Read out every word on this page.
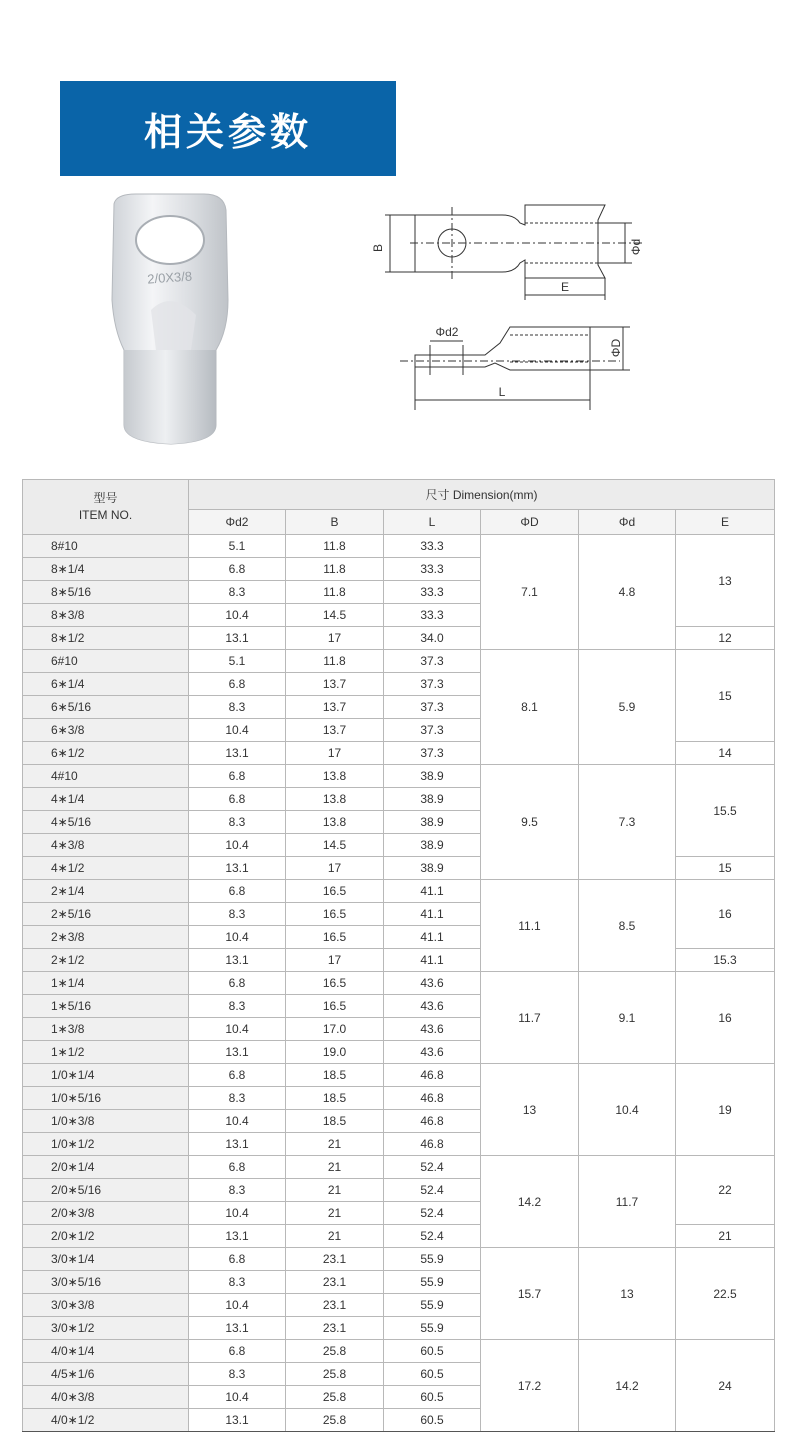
相关参数
2/0X3/8
B	Φd
E
Φd2
ΦD
L
型号
ITEM NO.	尺寸 Dimension(mm)					
	Φd2	B	L	ΦD	Φd	E
8#10	5.1	11.8	33.3	7.1	4.8	13
8∗1/4	6.8	11.8	33.3			
8∗5/16	8.3	11.8	33.3			
8∗3/8	10.4	14.5	33.3			
8∗1/2	13.1	17	34.0			12
6#10	5.1	11.8	37.3	8.1	5.9	15
6∗1/4	6.8	13.7	37.3			
6∗5/16	8.3	13.7	37.3			
6∗3/8	10.4	13.7	37.3			
6∗1/2	13.1	17	37.3			14
4#10	6.8	13.8	38.9	9.5	7.3	15.5
4∗1/4	6.8	13.8	38.9			
4∗5/16	8.3	13.8	38.9			
4∗3/8	10.4	14.5	38.9			
4∗1/2	13.1	17	38.9			15
2∗1/4	6.8	16.5	41.1	11.1	8.5	16
2∗5/16	8.3	16.5	41.1			
2∗3/8	10.4	16.5	41.1			
2∗1/2	13.1	17	41.1			15.3
1∗1/4	6.8	16.5	43.6	11.7	9.1	16
1∗5/16	8.3	16.5	43.6			
1∗3/8	10.4	17.0	43.6			
1∗1/2	13.1	19.0	43.6			
1/0∗1/4	6.8	18.5	46.8	13	10.4	19
1/0∗5/16	8.3	18.5	46.8			
1/0∗3/8	10.4	18.5	46.8			
1/0∗1/2	13.1	21	46.8			
2/0∗1/4	6.8	21	52.4	14.2	11.7	22
2/0∗5/16	8.3	21	52.4			
2/0∗3/8	10.4	21	52.4			
2/0∗1/2	13.1	21	52.4			21
3/0∗1/4	6.8	23.1	55.9	15.7	13	22.5
3/0∗5/16	8.3	23.1	55.9			
3/0∗3/8	10.4	23.1	55.9			
3/0∗1/2	13.1	23.1	55.9			
4/0∗1/4	6.8	25.8	60.5	17.2	14.2	24
4/5∗1/6	8.3	25.8	60.5			
4/0∗3/8	10.4	25.8	60.5			
4/0∗1/2	13.1	25.8	60.5			
